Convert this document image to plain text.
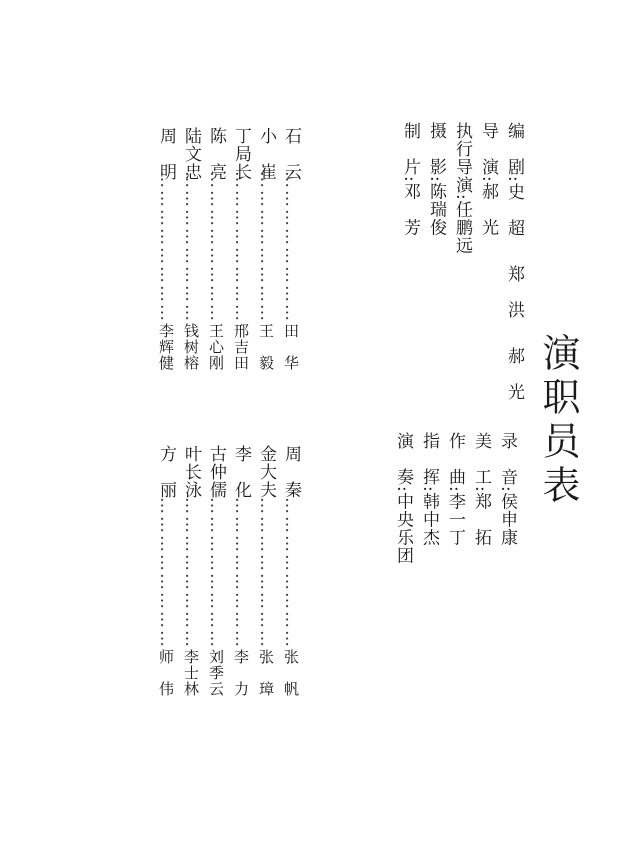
演职员表
编　剧:史　超郑　洪郝　光
导　演:郝　光
执行导演:任鹏远
摄　影:陈瑞俊
制　片:邓　芳
录　音:侯申康
美　工:郑　拓
作　曲:李一丁
指　挥:韩中杰
演　奏:中央乐团
石　云……………………田　华
小　崔……………………王　毅
丁局长……………………邢吉田
陈　亮……………………王心刚
陆文忠……………………钱树榕
周　明……………………李辉健
周　秦……………………张　帆
金大夫……………………张　璋
李　化……………………李　力
古仲儒……………………刘季云
叶长泳……………………李士林
方　丽……………………师　伟
